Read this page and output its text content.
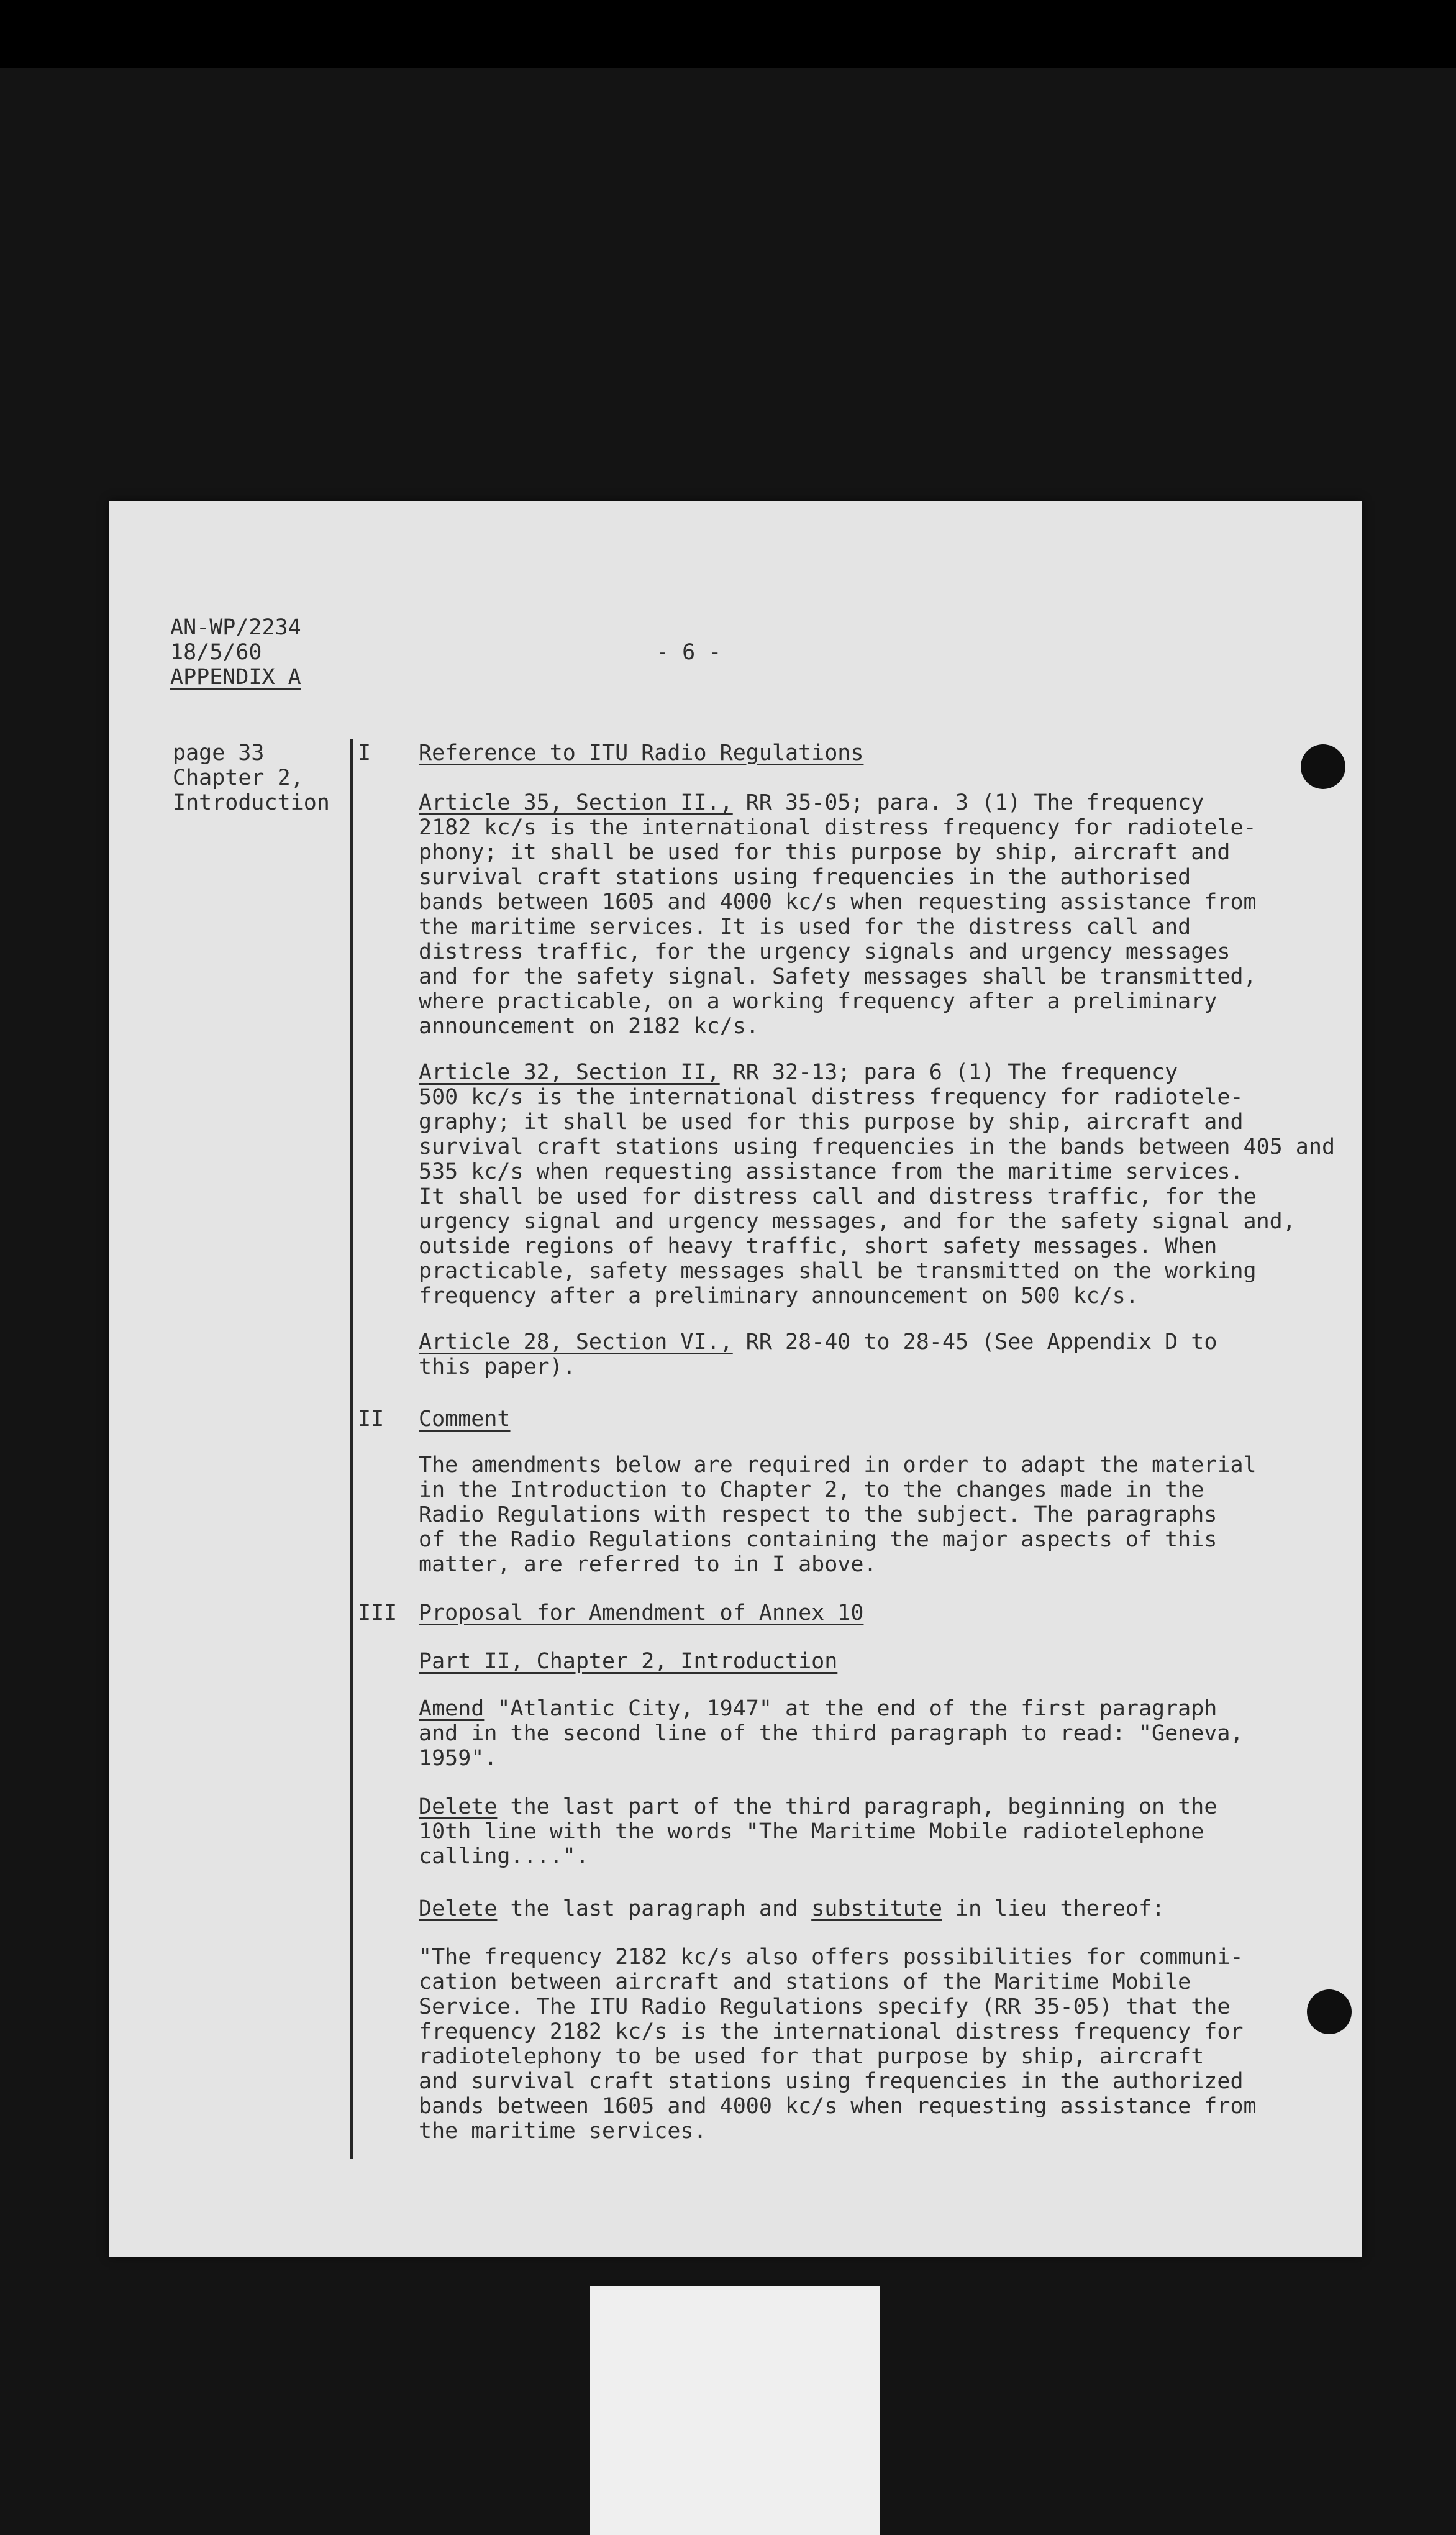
AN-WP/2234
18/5/60
APPENDIX A
- 6 -
page 33
Chapter 2,
Introduction
I Reference to ITU Radio Regulations
Article 35, Section II., RR 35-05; para. 3 (1) The frequency
2182 kc/s is the international distress frequency for radiotele-
phony; it shall be used for this purpose by ship, aircraft and
survival craft stations using frequencies in the authorised
bands between 1605 and 4000 kc/s when requesting assistance from
the maritime services. It is used for the distress call and
distress traffic, for the urgency signals and urgency messages
and for the safety signal. Safety messages shall be transmitted,
where practicable, on a working frequency after a preliminary
announcement on 2182 kc/s.
Article 32, Section II, RR 32-13; para 6 (1) The frequency
500 kc/s is the international distress frequency for radiotele-
graphy; it shall be used for this purpose by ship, aircraft and
survival craft stations using frequencies in the bands between 405 and
535 kc/s when requesting assistance from the maritime services.
It shall be used for distress call and distress traffic, for the
urgency signal and urgency messages, and for the safety signal and,
outside regions of heavy traffic, short safety messages. When
practicable, safety messages shall be transmitted on the working
frequency after a preliminary announcement on 500 kc/s.
Article 28, Section VI., RR 28-40 to 28-45 (See Appendix D to
this paper).
II Comment
The amendments below are required in order to adapt the material
in the Introduction to Chapter 2, to the changes made in the
Radio Regulations with respect to the subject. The paragraphs
of the Radio Regulations containing the major aspects of this
matter, are referred to in I above.
III Proposal for Amendment of Annex 10
Part II, Chapter 2, Introduction
Amend "Atlantic City, 1947" at the end of the first paragraph
and in the second line of the third paragraph to read: "Geneva,
1959".
Delete the last part of the third paragraph, beginning on the
10th line with the words "The Maritime Mobile radiotelephone
calling....".
Delete the last paragraph and substitute in lieu thereof:
"The frequency 2182 kc/s also offers possibilities for communi-
cation between aircraft and stations of the Maritime Mobile
Service. The ITU Radio Regulations specify (RR 35-05) that the
frequency 2182 kc/s is the international distress frequency for
radiotelephony to be used for that purpose by ship, aircraft
and survival craft stations using frequencies in the authorized
bands between 1605 and 4000 kc/s when requesting assistance from
the maritime services.
